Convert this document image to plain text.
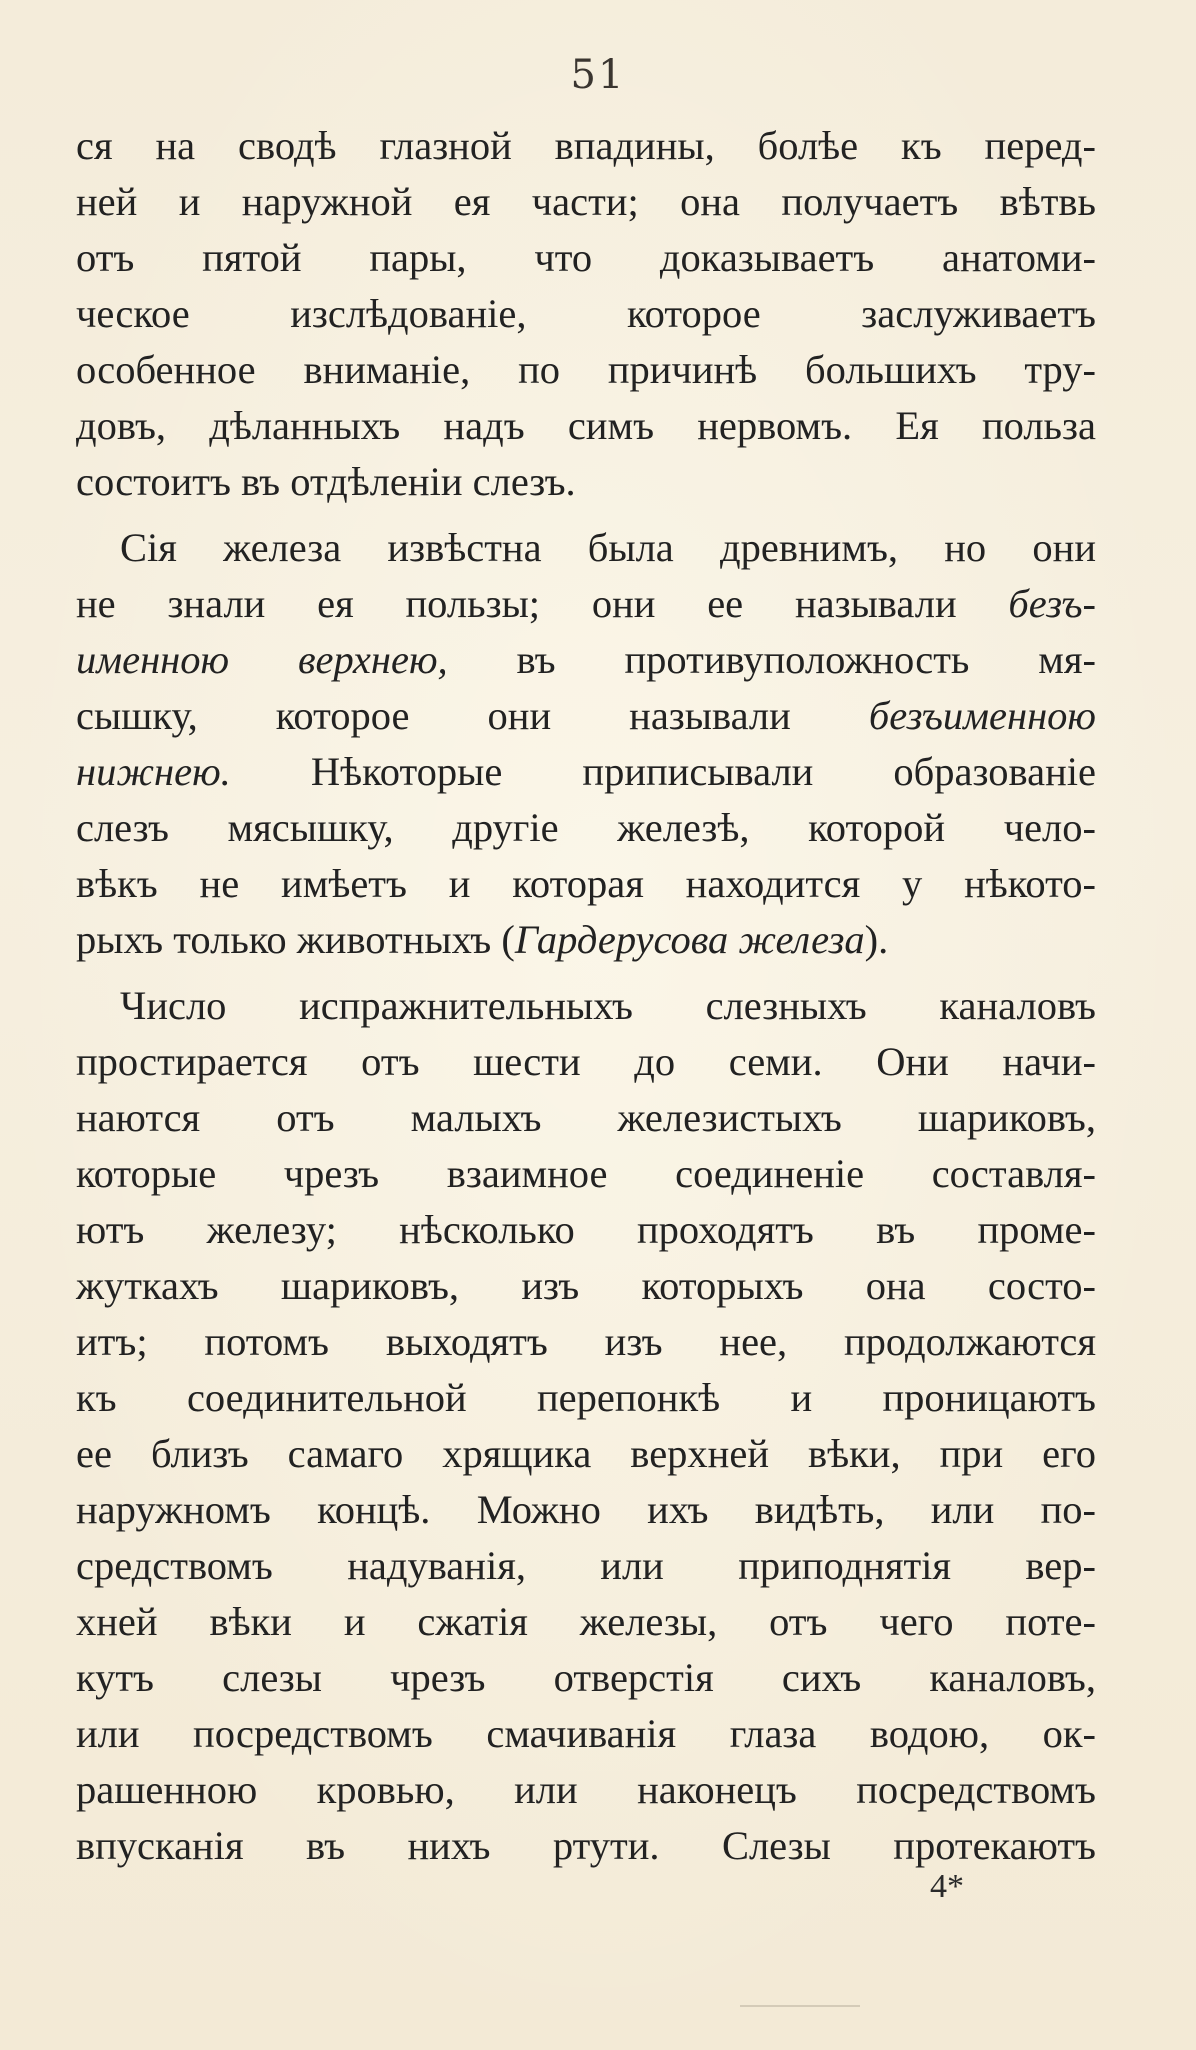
51
ся на сводѣ глазной впадины, болѣе къ перед-
ней и наружной ея части; она получаетъ вѣтвь
отъ пятой пары, что доказываетъ анатоми-
ческое изслѣдованіе, которое заслуживаетъ
особенное вниманіе, по причинѣ большихъ тру-
довъ, дѣланныхъ надъ симъ нервомъ. Ея польза
состоитъ въ отдѣленіи слезъ.
Сія железа извѣстна была древнимъ, но они
не знали ея пользы; они ее называли безъ-
именною верхнею, въ противуположность мя-
сышку, которое они называли безъименною
нижнею. Нѣкоторые приписывали образованіе
слезъ мясышку, другіе железѣ, которой чело-
вѣкъ не имѣетъ и которая находится у нѣкото-
рыхъ только животныхъ (Гардерусова железа).
Число испражнительныхъ слезныхъ каналовъ
простирается отъ шести до семи. Они начи-
наются отъ малыхъ железистыхъ шариковъ,
которые чрезъ взаимное соединеніе составля-
ютъ железу; нѣсколько проходятъ въ проме-
жуткахъ шариковъ, изъ которыхъ она состо-
итъ; потомъ выходятъ изъ нее, продолжаются
къ соединительной перепонкѣ и проницаютъ
ее близъ самаго хрящика верхней вѣки, при его
наружномъ концѣ. Можно ихъ видѣть, или по-
средствомъ надуванія, или приподнятія вер-
хней вѣки и сжатія железы, отъ чего поте-
кутъ слезы чрезъ отверстія сихъ каналовъ,
или посредствомъ смачиванія глаза водою, ок-
рашенною кровью, или наконецъ посредствомъ
впусканія въ нихъ ртути. Слезы протекаютъ
4*
